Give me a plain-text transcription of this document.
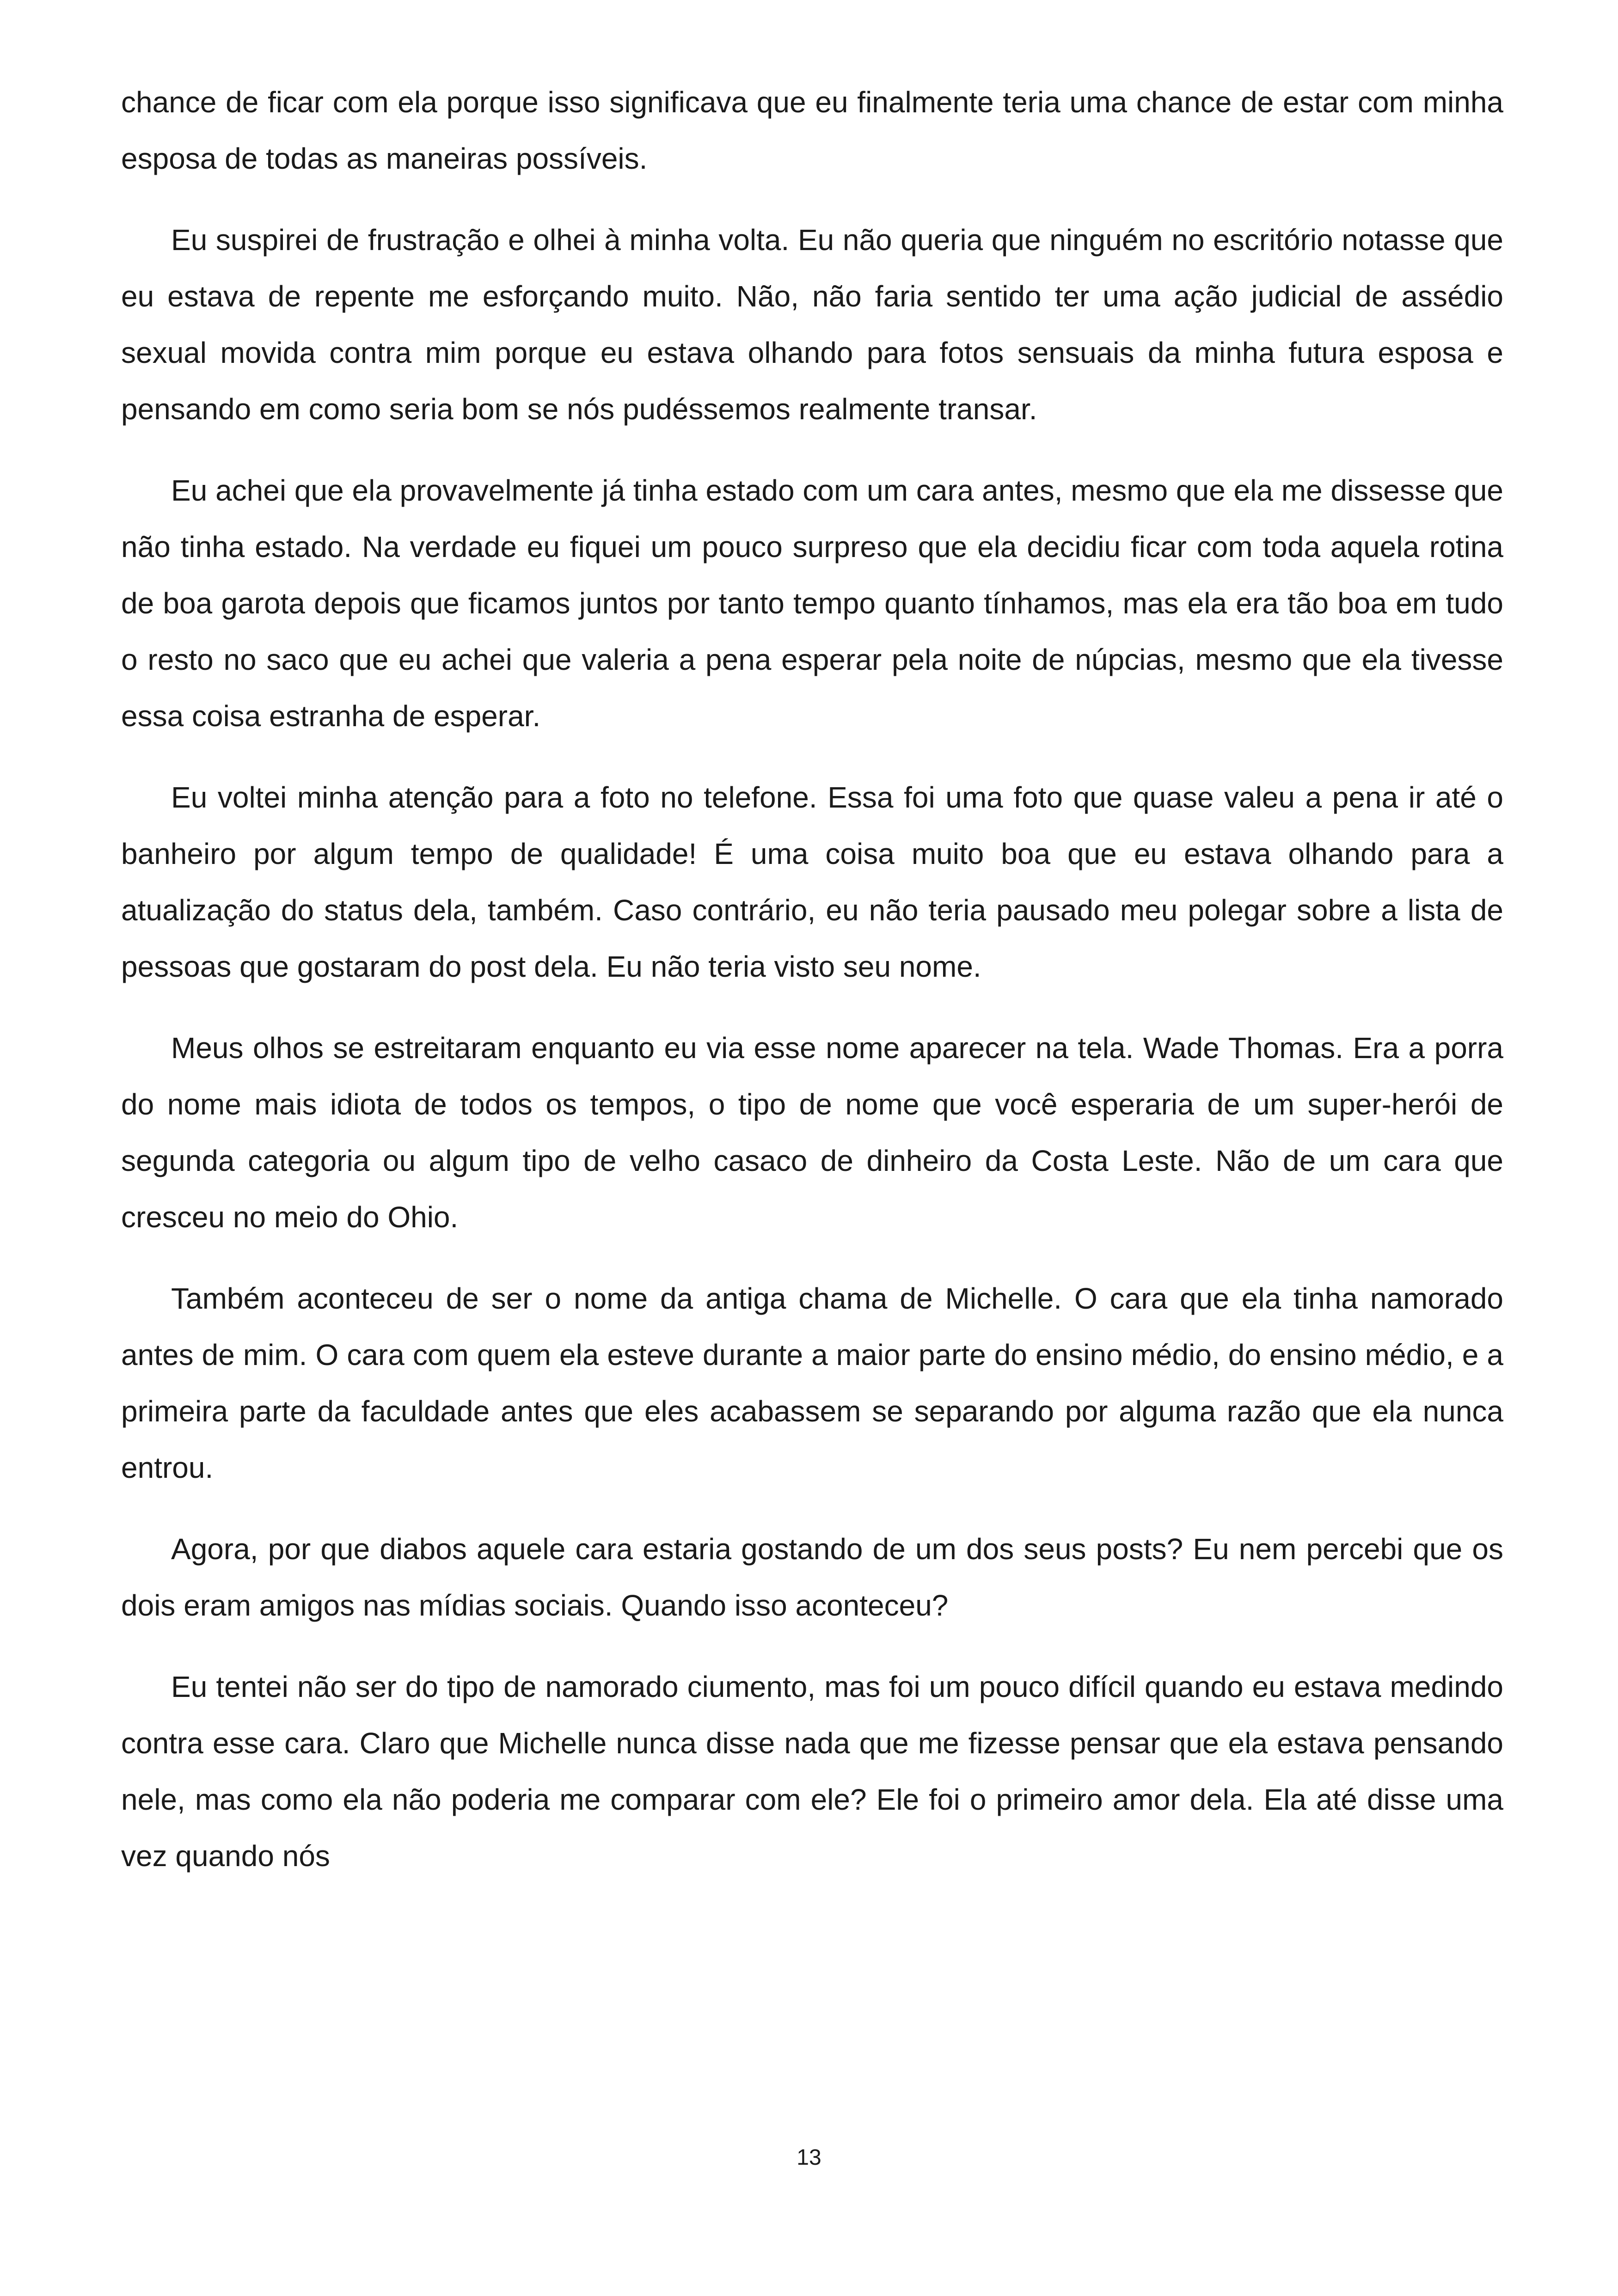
chance de ficar com ela porque isso significava que eu finalmente teria uma chance de estar com minha esposa de todas as maneiras possíveis.

Eu suspirei de frustração e olhei à minha volta. Eu não queria que ninguém no escritório notasse que eu estava de repente me esforçando muito. Não, não faria sentido ter uma ação judicial de assédio sexual movida contra mim porque eu estava olhando para fotos sensuais da minha futura esposa e pensando em como seria bom se nós pudéssemos realmente transar.

Eu achei que ela provavelmente já tinha estado com um cara antes, mesmo que ela me dissesse que não tinha estado. Na verdade eu fiquei um pouco surpreso que ela decidiu ficar com toda aquela rotina de boa garota depois que ficamos juntos por tanto tempo quanto tínhamos, mas ela era tão boa em tudo o resto no saco que eu achei que valeria a pena esperar pela noite de núpcias, mesmo que ela tivesse essa coisa estranha de esperar.

Eu voltei minha atenção para a foto no telefone. Essa foi uma foto que quase valeu a pena ir até o banheiro por algum tempo de qualidade! É uma coisa muito boa que eu estava olhando para a atualização do status dela, também. Caso contrário, eu não teria pausado meu polegar sobre a lista de pessoas que gostaram do post dela. Eu não teria visto seu nome.

Meus olhos se estreitaram enquanto eu via esse nome aparecer na tela. Wade Thomas. Era a porra do nome mais idiota de todos os tempos, o tipo de nome que você esperaria de um super-herói de segunda categoria ou algum tipo de velho casaco de dinheiro da Costa Leste. Não de um cara que cresceu no meio do Ohio.

Também aconteceu de ser o nome da antiga chama de Michelle. O cara que ela tinha namorado antes de mim. O cara com quem ela esteve durante a maior parte do ensino médio, do ensino médio, e a primeira parte da faculdade antes que eles acabassem se separando por alguma razão que ela nunca entrou.

Agora, por que diabos aquele cara estaria gostando de um dos seus posts? Eu nem percebi que os dois eram amigos nas mídias sociais. Quando isso aconteceu?

Eu tentei não ser do tipo de namorado ciumento, mas foi um pouco difícil quando eu estava medindo contra esse cara. Claro que Michelle nunca disse nada que me fizesse pensar que ela estava pensando nele, mas como ela não poderia me comparar com ele? Ele foi o primeiro amor dela. Ela até disse uma vez quando nós

13
